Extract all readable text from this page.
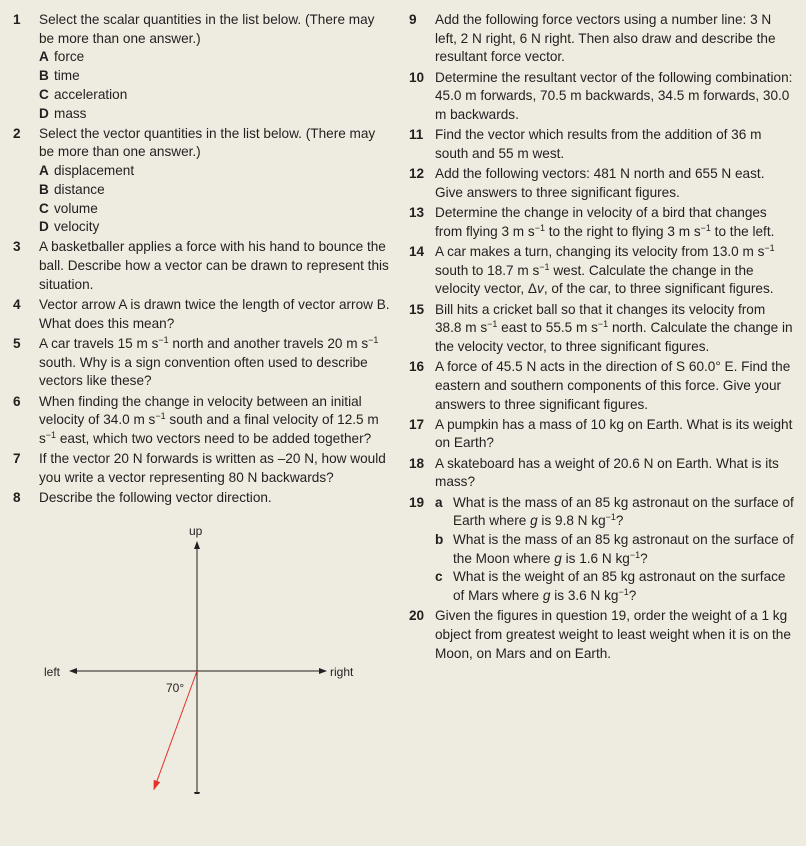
1 Select the scalar quantities in the list below. (There may be more than one answer.)
A force
B time
C acceleration
D mass
2 Select the vector quantities in the list below. (There may be more than one answer.)
A displacement
B distance
C volume
D velocity
3 A basketballer applies a force with his hand to bounce the ball. Describe how a vector can be drawn to represent this situation.
4 Vector arrow A is drawn twice the length of vector arrow B. What does this mean?
5 A car travels 15 m $s^{-1}$ north and another travels 20 m $s^{-1}$ south. Why is a sign convention often used to describe vectors like these?
6 When finding the change in velocity between an initial velocity of 34.0 m $s^{-1}$ south and a final velocity of 12.5 m $s^{-1}$ east, which two vectors need to be added together?
7 If the vector 20 N forwards is written as –20 N, how would you write a vector representing 80 N backwards?
8 Describe the following vector direction.
up
left	right
70°
9 Add the following force vectors using a number line: 3 N left, 2 N right, 6 N right. Then also draw and describe the resultant force vector.
10 Determine the resultant vector of the following combination: 45.0 m forwards, 70.5 m backwards, 34.5 m forwards, 30.0 m backwards.
11 Find the vector which results from the addition of 36 m south and 55 m west.
12 Add the following vectors: 481 N north and 655 N east. Give answers to three significant figures.
13 Determine the change in velocity of a bird that changes from flying 3 m $s^{-1}$ to the right to flying 3 m $s^{-1}$ to the left.
14 A car makes a turn, changing its velocity from 13.0 m $s^{-1}$ south to 18.7 m $s^{-1}$ west. Calculate the change in the velocity vector, Δv, of the car, to three significant figures.
15 Bill hits a cricket ball so that it changes its velocity from 38.8 m $s^{-1}$ east to 55.5 m $s^{-1}$ north. Calculate the change in the velocity vector, to three significant figures.
16 A force of 45.5 N acts in the direction of S 60.0° E. Find the eastern and southern components of this force. Give your answers to three significant figures.
17 A pumpkin has a mass of 10 kg on Earth. What is its weight on Earth?
18 A skateboard has a weight of 20.6 N on Earth. What is its mass?
19 a What is the mass of an 85 kg astronaut on the surface of Earth where g is 9.8 N $kg^{-1}$?
b What is the mass of an 85 kg astronaut on the surface of the Moon where g is 1.6 N $kg^{-1}$?
c What is the weight of an 85 kg astronaut on the surface of Mars where g is 3.6 N $kg^{-1}$?
20 Given the figures in question 19, order the weight of a 1 kg object from greatest weight to least weight when it is on the Moon, on Mars and on Earth.
